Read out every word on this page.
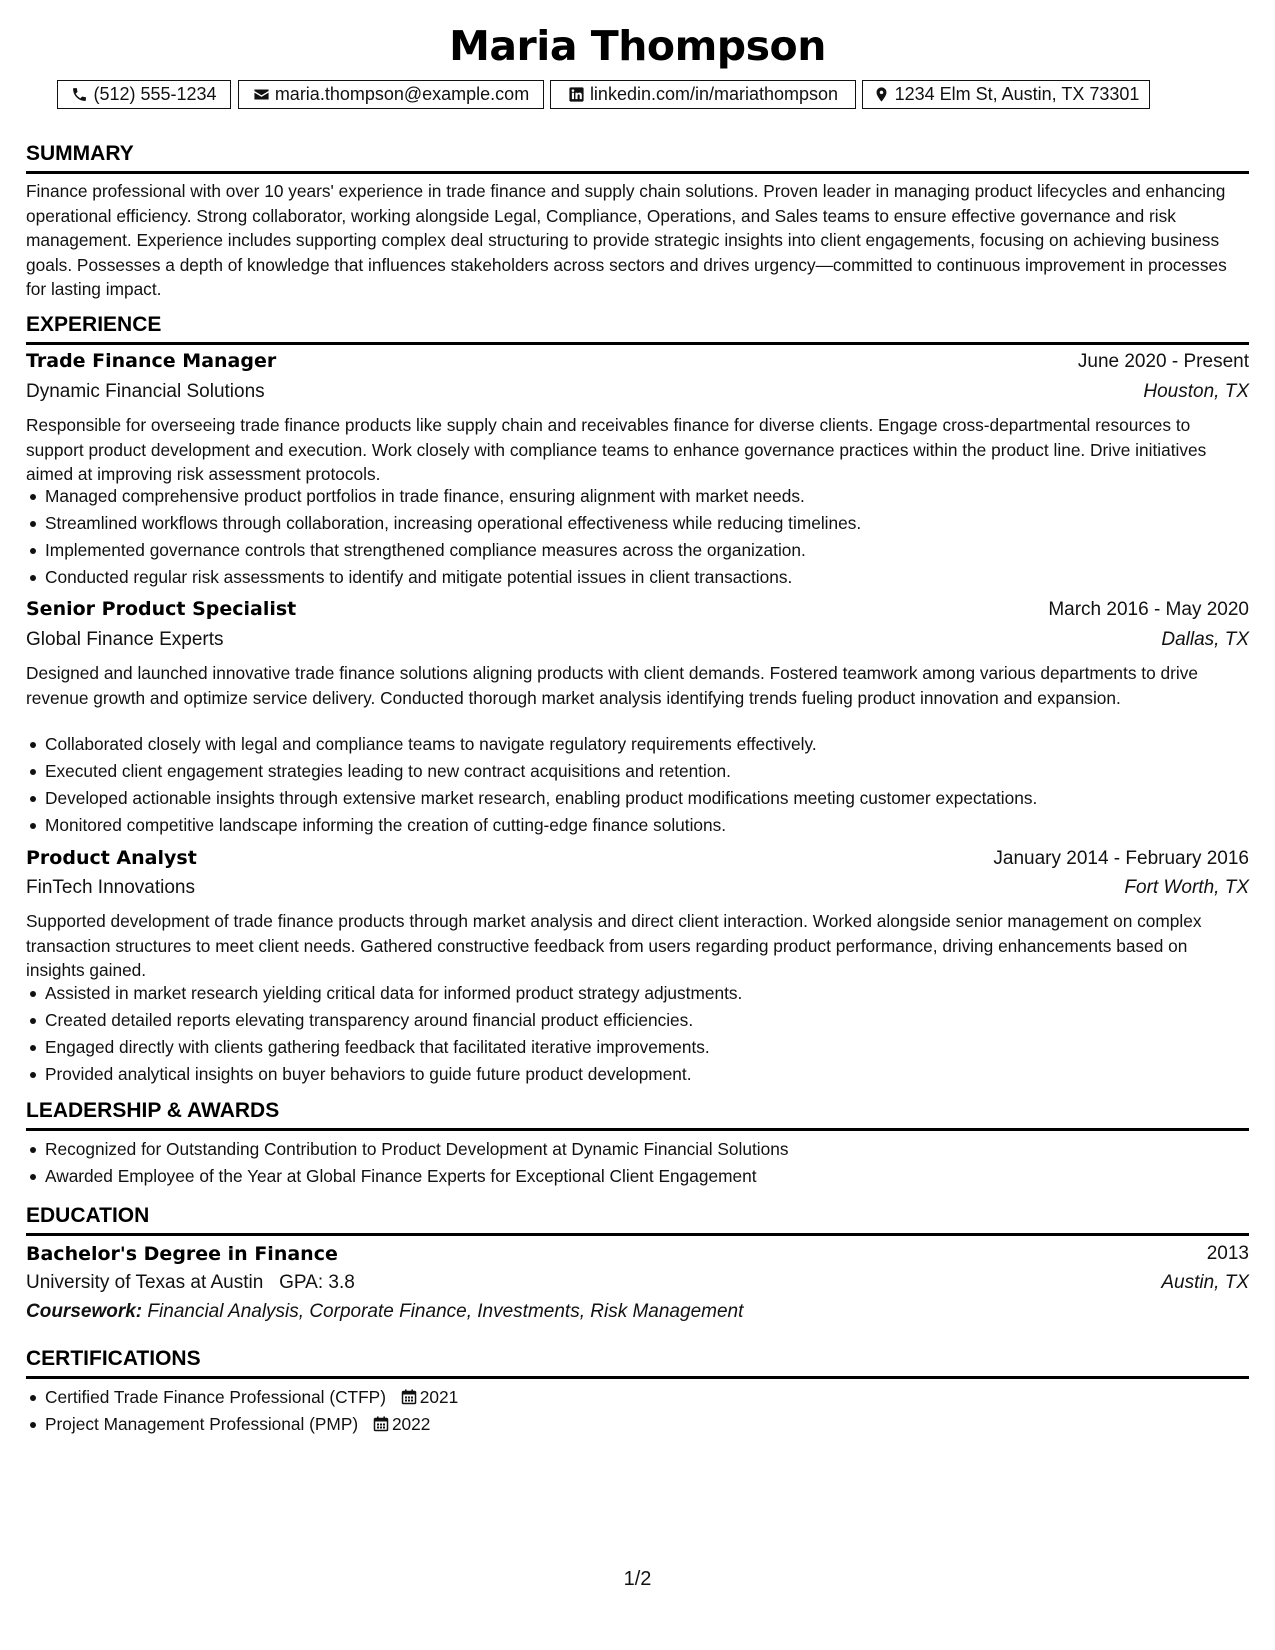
Maria Thompson
(512) 555-1234	maria.thompson@example.com	linkedin.com/in/mariathompson	1234 Elm St, Austin, TX 73301
SUMMARY
Finance professional with over 10 years' experience in trade finance and supply chain solutions. Proven leader in managing product lifecycles and enhancing operational efficiency. Strong collaborator, working alongside Legal, Compliance, Operations, and Sales teams to ensure effective governance and risk management. Experience includes supporting complex deal structuring to provide strategic insights into client engagements, focusing on achieving business goals. Possesses a depth of knowledge that influences stakeholders across sectors and drives urgency—committed to continuous improvement in processes for lasting impact.
EXPERIENCE
Trade Finance Manager	June 2020 - Present
Dynamic Financial Solutions	Houston, TX
Responsible for overseeing trade finance products like supply chain and receivables finance for diverse clients. Engage cross-departmental resources to support product development and execution. Work closely with compliance teams to enhance governance practices within the product line. Drive initiatives aimed at improving risk assessment protocols.
Managed comprehensive product portfolios in trade finance, ensuring alignment with market needs.
Streamlined workflows through collaboration, increasing operational effectiveness while reducing timelines.
Implemented governance controls that strengthened compliance measures across the organization.
Conducted regular risk assessments to identify and mitigate potential issues in client transactions.
Senior Product Specialist	March 2016 - May 2020
Global Finance Experts	Dallas, TX
Designed and launched innovative trade finance solutions aligning products with client demands. Fostered teamwork among various departments to drive revenue growth and optimize service delivery. Conducted thorough market analysis identifying trends fueling product innovation and expansion.
Collaborated closely with legal and compliance teams to navigate regulatory requirements effectively.
Executed client engagement strategies leading to new contract acquisitions and retention.
Developed actionable insights through extensive market research, enabling product modifications meeting customer expectations.
Monitored competitive landscape informing the creation of cutting-edge finance solutions.
Product Analyst	January 2014 - February 2016
FinTech Innovations	Fort Worth, TX
Supported development of trade finance products through market analysis and direct client interaction. Worked alongside senior management on complex transaction structures to meet client needs. Gathered constructive feedback from users regarding product performance, driving enhancements based on insights gained.
Assisted in market research yielding critical data for informed product strategy adjustments.
Created detailed reports elevating transparency around financial product efficiencies.
Engaged directly with clients gathering feedback that facilitated iterative improvements.
Provided analytical insights on buyer behaviors to guide future product development.
LEADERSHIP & AWARDS
Recognized for Outstanding Contribution to Product Development at Dynamic Financial Solutions
Awarded Employee of the Year at Global Finance Experts for Exceptional Client Engagement
EDUCATION
Bachelor's Degree in Finance	2013
University of Texas at Austin GPA: 3.8	Austin, TX
Coursework: Financial Analysis, Corporate Finance, Investments, Risk Management
CERTIFICATIONS
Certified Trade Finance Professional (CTFP) 2021
Project Management Professional (PMP) 2022
1/2
